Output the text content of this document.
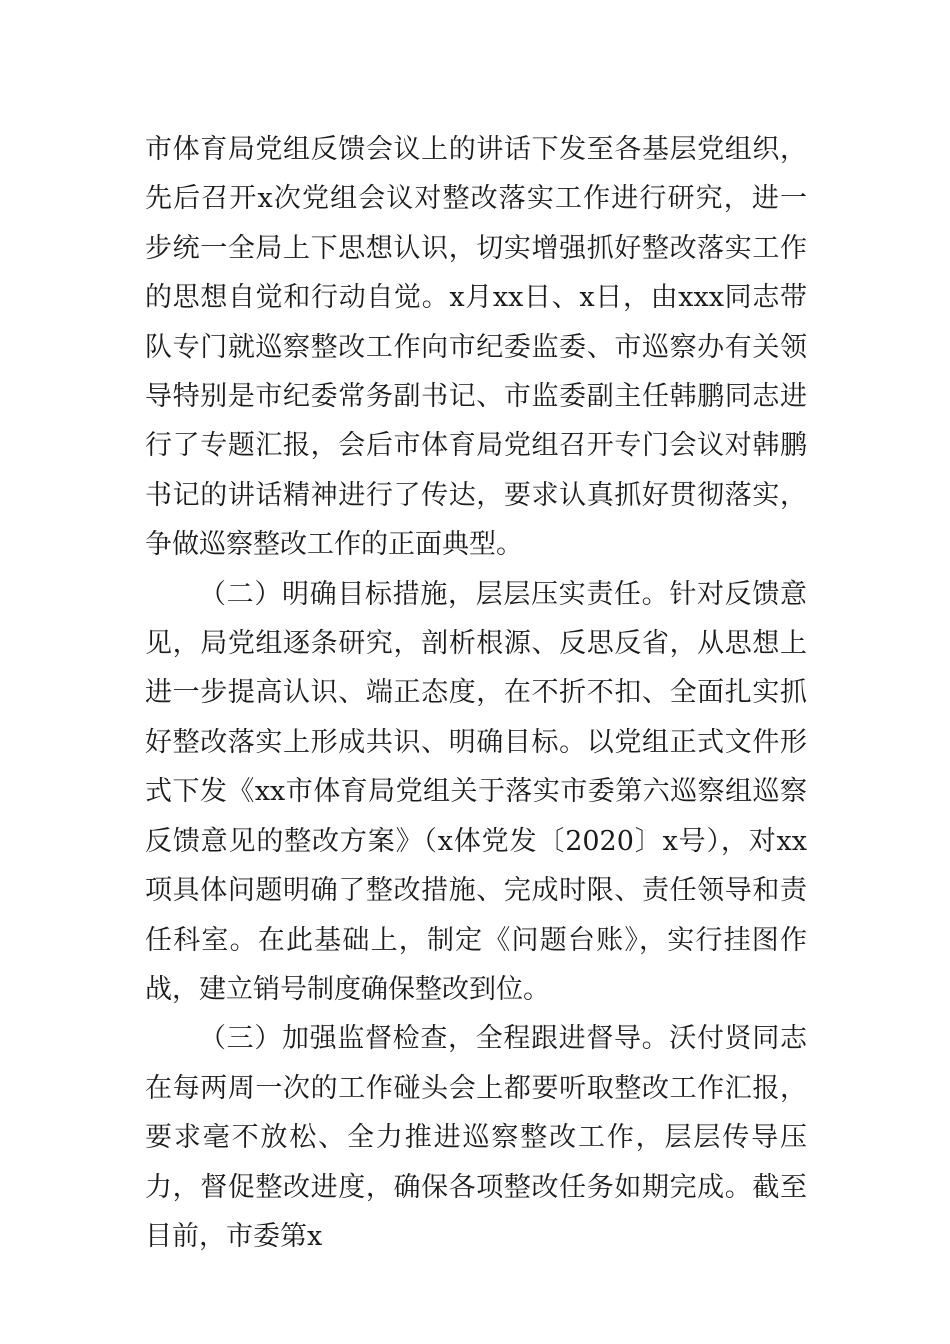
市体育局党组反馈会议上的讲话下发至各基层党组织，先后召开x次党组会议对整改落实工作进行研究，进一步统一全局上下思想认识，切实增强抓好整改落实工作的思想自觉和行动自觉。x月xx日、x日，由xxx同志带队专门就巡察整改工作向市纪委监委、市巡察办有关领导特别是市纪委常务副书记、市监委副主任韩鹏同志进行了专题汇报，会后市体育局党组召开专门会议对韩鹏书记的讲话精神进行了传达，要求认真抓好贯彻落实，争做巡察整改工作的正面典型。

（二）明确目标措施，层层压实责任。针对反馈意见，局党组逐条研究，剖析根源、反思反省，从思想上进一步提高认识、端正态度，在不折不扣、全面扎实抓好整改落实上形成共识、明确目标。以党组正式文件形式下发《xx市体育局党组关于落实市委第六巡察组巡察反馈意见的整改方案》（x体党发〔2020〕x号），对xx项具体问题明确了整改措施、完成时限、责任领导和责任科室。在此基础上，制定《问题台账》，实行挂图作战，建立销号制度确保整改到位。

（三）加强监督检查，全程跟进督导。沃付贤同志在每两周一次的工作碰头会上都要听取整改工作汇报，要求毫不放松、全力推进巡察整改工作，层层传导压力，督促整改进度，确保各项整改任务如期完成。截至目前，市委第x
